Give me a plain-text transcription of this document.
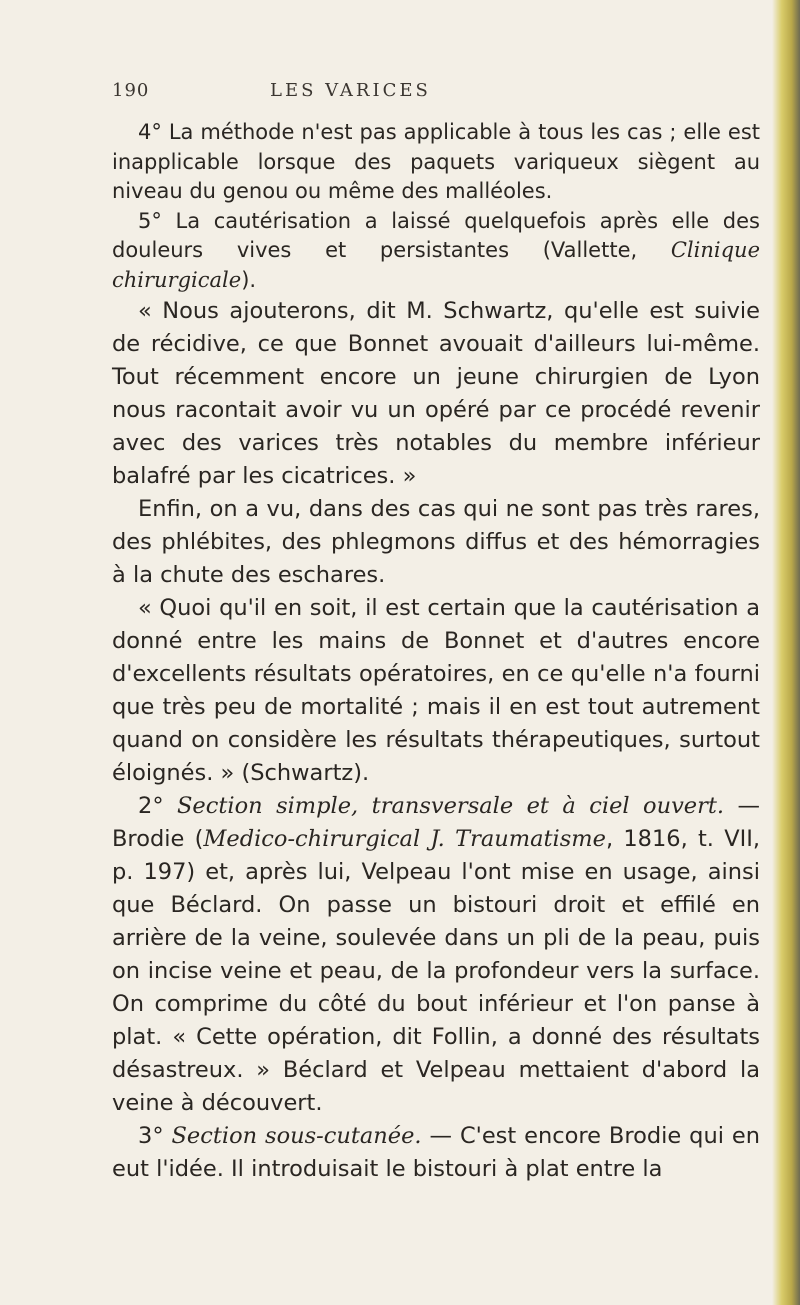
190	LES VARICES

4° La méthode n'est pas applicable à tous les cas ; elle est inapplicable lorsque des paquets variqueux siègent au niveau du genou ou même des malléoles.

5° La cautérisation a laissé quelquefois après elle des douleurs vives et persistantes (Vallette, Clinique chirurgicale).

« Nous ajouterons, dit M. Schwartz, qu'elle est suivie de récidive, ce que Bonnet avouait d'ailleurs lui-même. Tout récemment encore un jeune chirurgien de Lyon nous racontait avoir vu un opéré par ce procédé revenir avec des varices très notables du membre inférieur balafré par les cicatrices. »

Enfin, on a vu, dans des cas qui ne sont pas très rares, des phlébites, des phlegmons diffus et des hémorragies à la chute des eschares.

« Quoi qu'il en soit, il est certain que la cautérisation a donné entre les mains de Bonnet et d'autres encore d'excellents résultats opératoires, en ce qu'elle n'a fourni que très peu de mortalité ; mais il en est tout autrement quand on considère les résultats thérapeutiques, surtout éloignés. » (Schwartz).

2° Section simple, transversale et à ciel ouvert. — Brodie (Medico-chirurgical J. Traumatisme, 1816, t. VII, p. 197) et, après lui, Velpeau l'ont mise en usage, ainsi que Béclard. On passe un bistouri droit et effilé en arrière de la veine, soulevée dans un pli de la peau, puis on incise veine et peau, de la profondeur vers la surface. On comprime du côté du bout inférieur et l'on panse à plat. « Cette opération, dit Follin, a donné des résultats désastreux. » Béclard et Velpeau mettaient d'abord la veine à découvert.

3° Section sous-cutanée. — C'est encore Brodie qui en eut l'idée. Il introduisait le bistouri à plat entre la
